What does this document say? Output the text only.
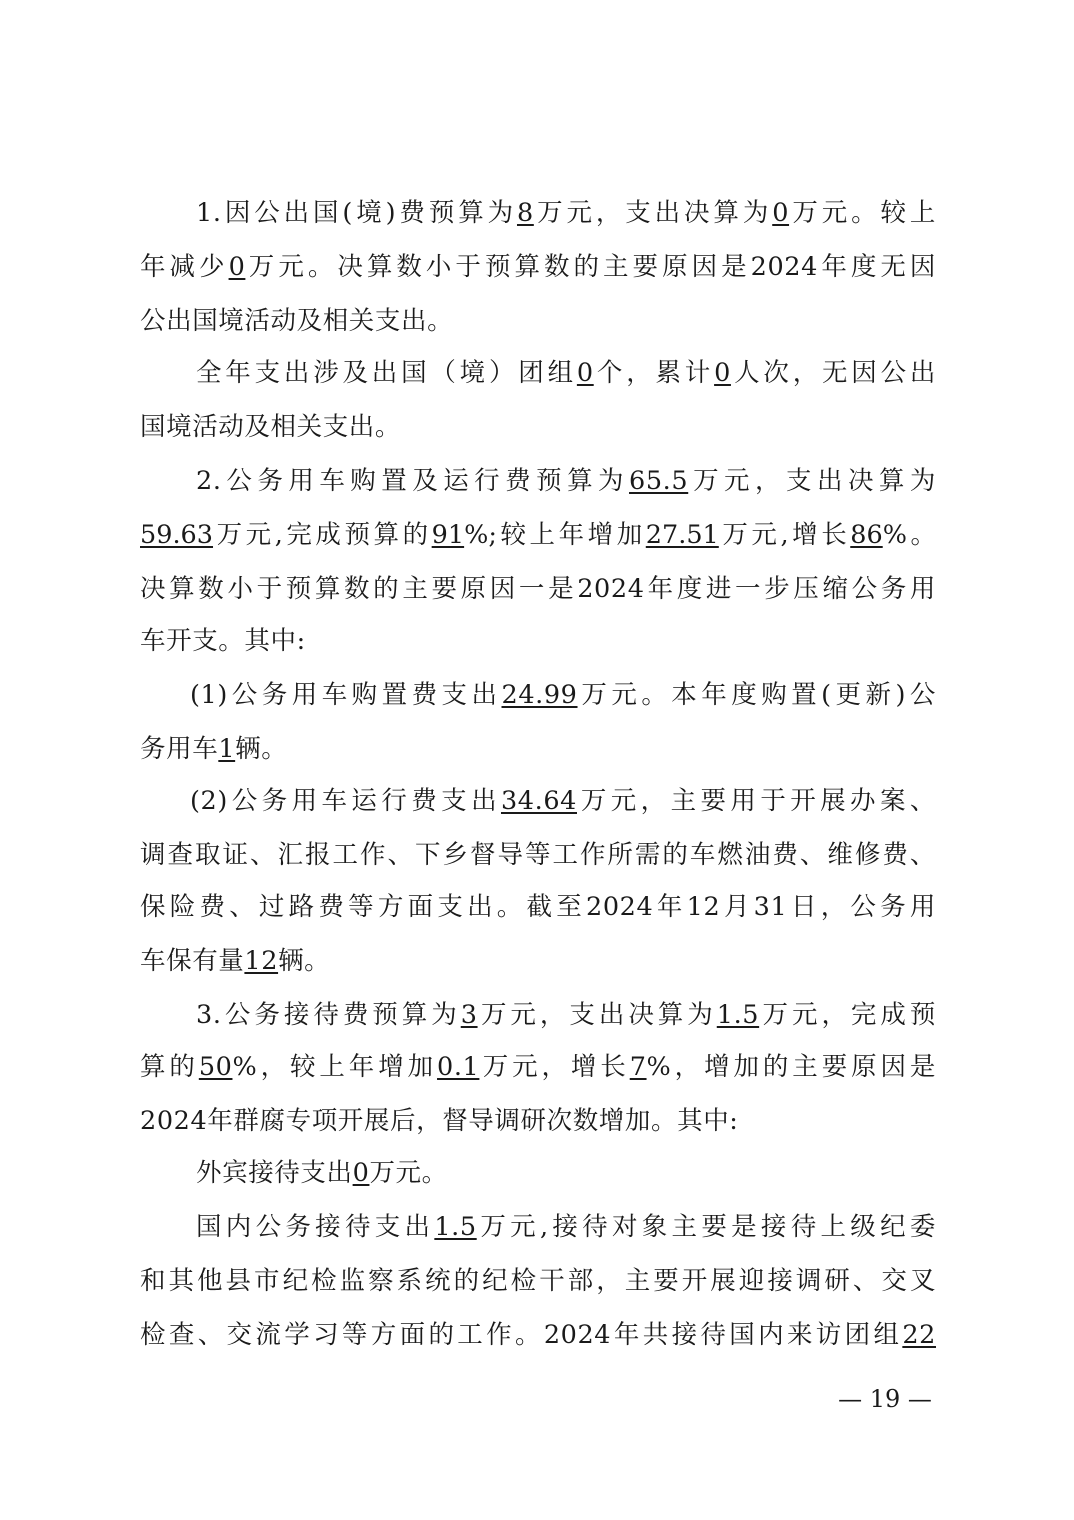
1.因公出国(境)费预算为8万元，支出决算为0万元。较上
年减少0万元。决算数小于预算数的主要原因是2024年度无因
公出国境活动及相关支出。
全年支出涉及出国（境）团组0个，累计0人次，无因公出
国境活动及相关支出。
2.公务用车购置及运行费预算为65.5万元，支出决算为
59.63万元,完成预算的91%;较上年增加27.51万元,增长86%。
决算数小于预算数的主要原因一是2024年度进一步压缩公务用
车开支。其中:
(1)公务用车购置费支出24.99万元。本年度购置(更新)公
务用车1辆。
(2)公务用车运行费支出34.64万元，主要用于开展办案、
调查取证、汇报工作、下乡督导等工作所需的车燃油费、维修费、
保险费、过路费等方面支出。截至2024年12月31日，公务用
车保有量12辆。
3.公务接待费预算为3万元，支出决算为1.5万元，完成预
算的50%，较上年增加0.1万元，增长7%，增加的主要原因是
2024年群腐专项开展后，督导调研次数增加。其中:
外宾接待支出0万元。
国内公务接待支出1.5万元,接待对象主要是接待上级纪委
和其他县市纪检监察系统的纪检干部，主要开展迎接调研、交叉
检查、交流学习等方面的工作。2024年共接待国内来访团组22
— 19 —
